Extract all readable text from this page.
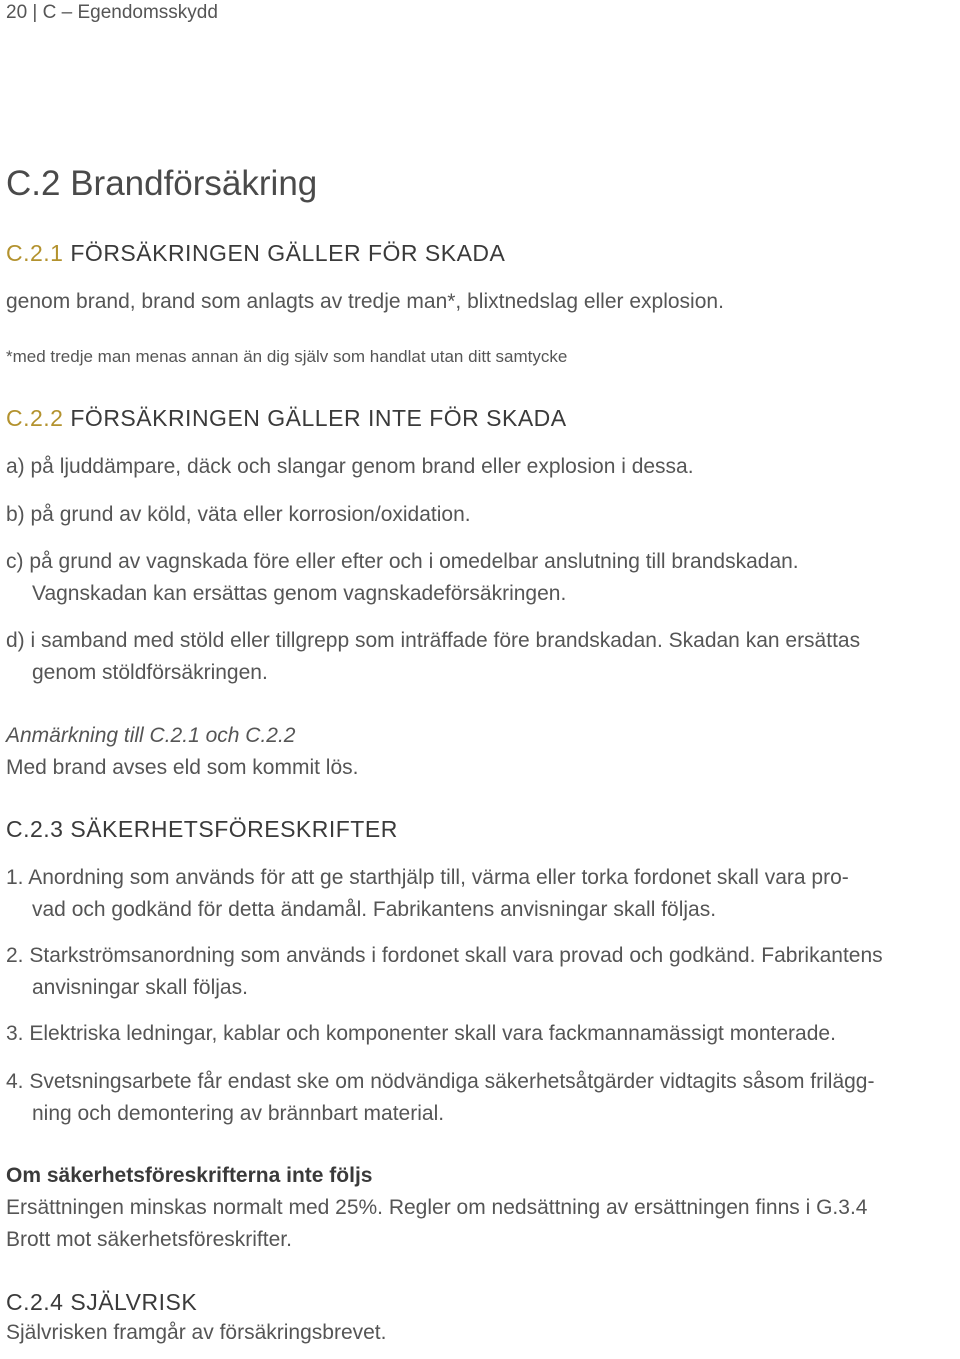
20 | C – Egendomsskydd
C.2 Brandförsäkring
C.2.1 FÖRSÄKRINGEN GÄLLER FÖR SKADA
genom brand, brand som anlagts av tredje man*, blixtnedslag eller explosion.
*med tredje man menas annan än dig själv som handlat utan ditt samtycke
C.2.2 FÖRSÄKRINGEN GÄLLER INTE FÖR SKADA
a) på ljuddämpare, däck och slangar genom brand eller explosion i dessa.
b) på grund av köld, väta eller korrosion/oxidation.
c) på grund av vagnskada före eller efter och i omedelbar anslutning till brandskadan.
Vagnskadan kan ersättas genom vagnskadeförsäkringen.
d) i samband med stöld eller tillgrepp som inträffade före brandskadan. Skadan kan ersättas
genom stöldförsäkringen.
Anmärkning till C.2.1 och C.2.2
Med brand avses eld som kommit lös.
C.2.3 SÄKERHETSFÖRESKRIFTER
1. Anordning som används för att ge starthjälp till, värma eller torka fordonet skall vara pro-
vad och godkänd för detta ändamål. Fabrikantens anvisningar skall följas.
2. Starkströmsanordning som används i fordonet skall vara provad och godkänd. Fabrikantens
anvisningar skall följas.
3. Elektriska ledningar, kablar och komponenter skall vara fackmannamässigt monterade.
4. Svetsningsarbete får endast ske om nödvändiga säkerhetsåtgärder vidtagits såsom frilägg-
ning och demontering av brännbart material.
Om säkerhetsföreskrifterna inte följs
Ersättningen minskas normalt med 25%. Regler om nedsättning av ersättningen finns i G.3.4
Brott mot säkerhetsföreskrifter.
C.2.4 SJÄLVRISK
Självrisken framgår av försäkringsbrevet.
